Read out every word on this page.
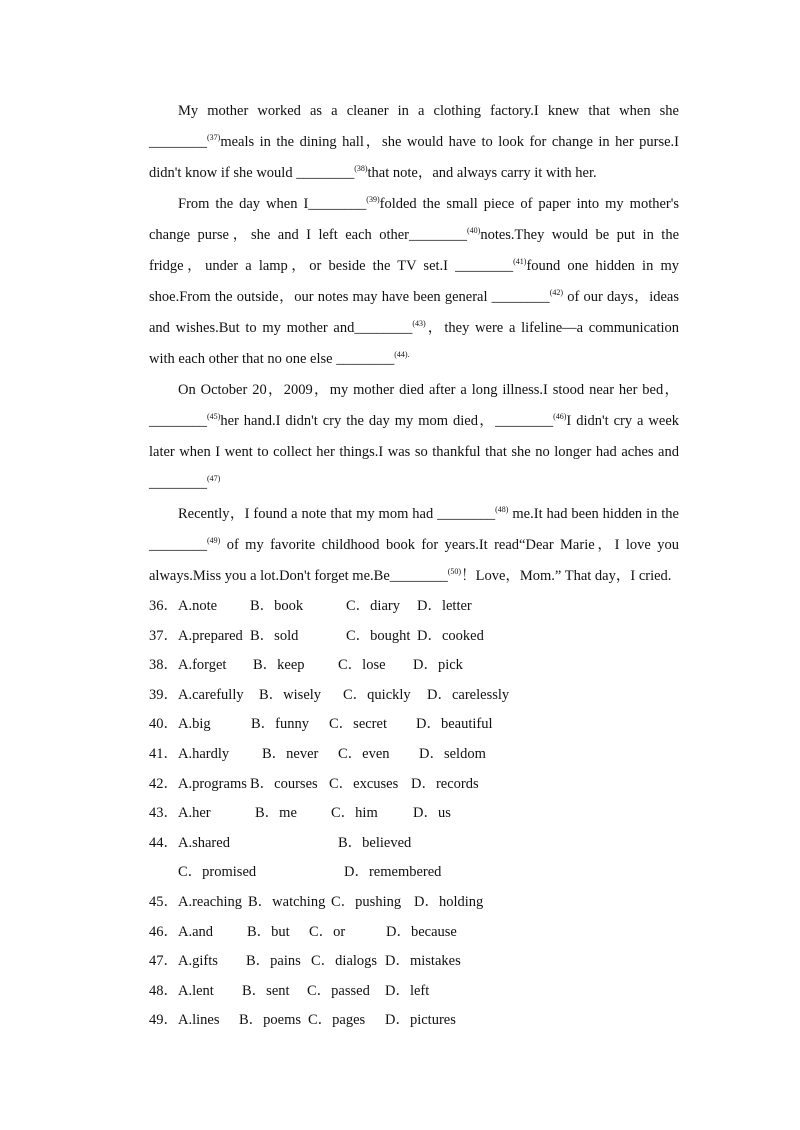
My mother worked as a cleaner in a clothing factory.I knew that when she ________$^{(37)}$meals in the dining hall，she would have to look for change in her purse.I didn't know if she would ________$^{(38)}$that note，and always carry it with her.

From the day when I________$^{(39)}$folded the small piece of paper into my mother's change purse，she and I left each other________$^{(40)}$notes.They would be put in the fridge，under a lamp，or beside the TV set.I ________$^{(41)}$found one hidden in my shoe.From the outside，our notes may have been general ________$^{(42)}$ of our days，ideas and wishes.But to my mother and________$^{(43)}$，they were a lifeline—a communication with each other that no one else ________$^{(44).}$

On October 20，2009，my mother died after a long illness.I stood near her bed，________$^{(45)}$her hand.I didn't cry the day my mom died，________$^{(46)}$I didn't cry a week later when I went to collect her things.I was so thankful that she no longer had aches and ________$^{(47)}$

Recently，I found a note that my mom had ________$^{(48)}$ me.It had been hidden in the ________$^{(49)}$ of my favorite childhood book for years.It read“Dear Marie，I love you always.Miss you a lot.Don't forget me.Be________$^{(50)}$！Love，Mom.” That day，I cried.

36． A.note B．book	C．diary D．letter
37． A.prepared B．sold	C．bought D．cooked
38． A.forget B．keep C．lose D．pick
39． A.carefully B．wisely C．quickly D．carelessly
40． A.big	B．funny C．secret D．beautiful
41． A.hardly B．never C．even D．seldom
42． A.programs B．courses C．excuses D．records
43． A.her	B．me C．him D．us
44． A.shared	B．believed
C．promised	D．remembered
45． A.reaching B．watching C．pushing D．holding
46． A.and B．but C．or	D．because
47． A.gifts B．pains C．dialogs D．mistakes
48． A.lent B．sent C．passed D．left
49． A.lines B．poems C．pages D．pictures
